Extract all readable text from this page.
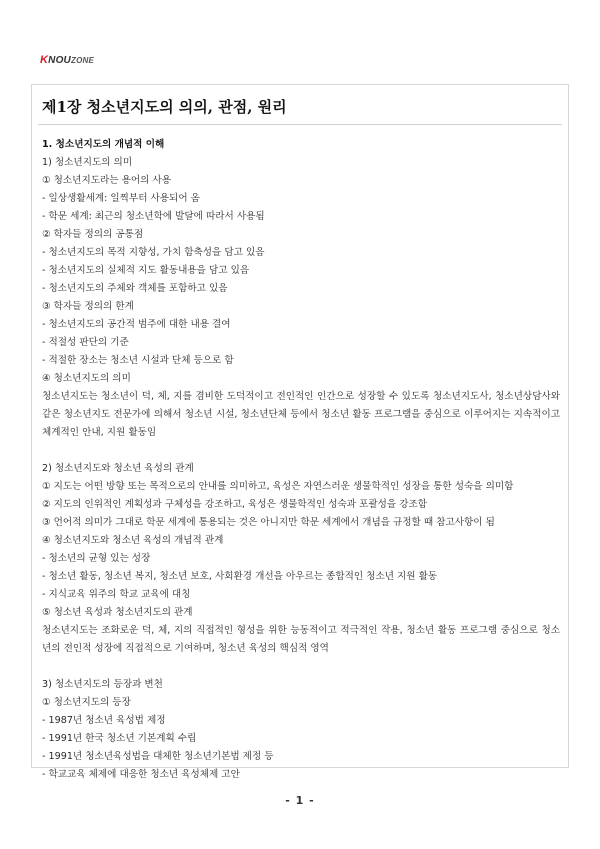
KNOUZONE
제1장 청소년지도의 의의, 관점, 원리
1. 청소년지도의 개념적 이해
1) 청소년지도의 의미
① 청소년지도라는 용어의 사용
- 일상생활세계: 일찍부터 사용되어 옴
- 학문 세계: 최근의 청소년학에 발달에 따라서 사용됨
② 학자들 정의의 공통점
- 청소년지도의 목적 지향성, 가치 함축성을 담고 있음
- 청소년지도의 실체적 지도 활동내용을 담고 있음
- 청소년지도의 주체와 객체를 포함하고 있음
③ 학자들 정의의 한계
- 청소년지도의 공간적 범주에 대한 내용 결여
- 적절성 판단의 기준
- 적절한 장소는 청소년 시설과 단체 등으로 함
④ 청소년지도의 의미
청소년지도는 청소년이 덕, 체, 지를 겸비한 도덕적이고 전인적인 인간으로 성장할 수 있도록 청소년지도사, 청소년상담사와 같은 청소년지도 전문가에 의해서 청소년 시설, 청소년단체 등에서 청소년 활동 프로그램을 중심으로 이루어지는 지속적이고 체계적인 안내, 지원 활동임
2) 청소년지도와 청소년 육성의 관계
① 지도는 어떤 방향 또는 목적으로의 안내를 의미하고, 육성은 자연스러운 생물학적인 성장을 통한 성숙을 의미함
② 지도의 인위적인 계획성과 구체성을 강조하고, 육성은 생물학적인 성숙과 포괄성을 강조함
③ 언어적 의미가 그대로 학문 세계에 통용되는 것은 아니지만 학문 세계에서 개념을 규정할 때 참고사항이 됨
④ 청소년지도와 청소년 육성의 개념적 관계
- 청소년의 균형 있는 성장
- 청소년 활동, 청소년 복지, 청소년 보호, 사회환경 개선을 아우르는 종합적인 청소년 지원 활동
- 지식교육 위주의 학교 교육에 대칭
⑤ 청소년 육성과 청소년지도의 관계
청소년지도는 조화로운 덕, 체, 지의 직접적인 형성을 위한 능동적이고 적극적인 작용, 청소년 활동 프로그램 중심으로 청소년의 전인적 성장에 직접적으로 기여하며, 청소년 육성의 핵심적 영역
3) 청소년지도의 등장과 변천
① 청소년지도의 등장
- 1987년 청소년 육성법 제정
- 1991년 한국 청소년 기본계획 수립
- 1991년 청소년육성법을 대체한 청소년기본법 제정 등
- 학교교육 체제에 대응한 청소년 육성체제 고안
- 1 -
